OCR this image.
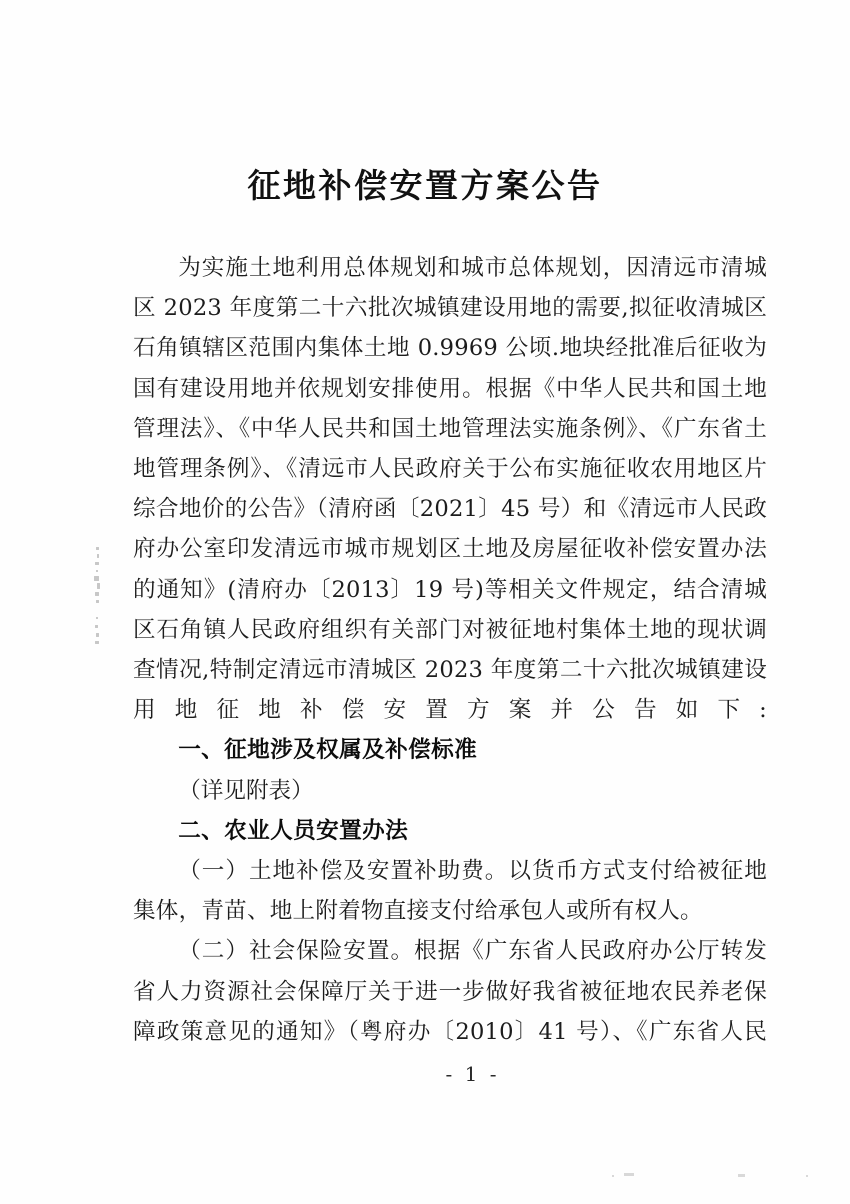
征地补偿安置方案公告

为实施土地利用总体规划和城市总体规划，因清远市清城区 2023 年度第二十六批次城镇建设用地的需要,拟征收清城区石角镇辖区范围内集体土地 0.9969 公顷.地块经批准后征收为国有建设用地并依规划安排使用。根据《中华人民共和国土地管理法》、《中华人民共和国土地管理法实施条例》、《广东省土地管理条例》、《清远市人民政府关于公布实施征收农用地区片综合地价的公告》（清府函〔2021〕45 号）和《清远市人民政府办公室印发清远市城市规划区土地及房屋征收补偿安置办法的通知》(清府办〔2013〕19 号)等相关文件规定，结合清城区石角镇人民政府组织有关部门对被征地村集体土地的现状调查情况,特制定清远市清城区 2023 年度第二十六批次城镇建设用地征地补偿安置方案并公告如下:

一、征地涉及权属及补偿标准

（详见附表）

二、农业人员安置办法

（一）土地补偿及安置补助费。以货币方式支付给被征地集体，青苗、地上附着物直接支付给承包人或所有权人。

（二）社会保险安置。根据《广东省人民政府办公厅转发省人力资源社会保障厅关于进一步做好我省被征地农民养老保障政策意见的通知》（粤府办〔2010〕41 号）、《广东省人民

- 1 -
